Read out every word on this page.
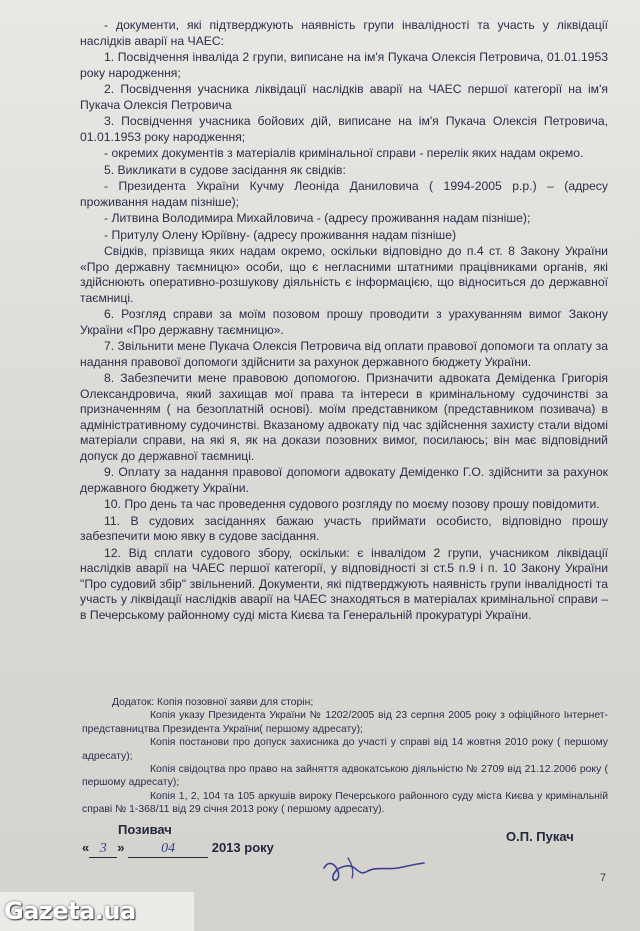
- документи, які підтверджують наявність групи інвалідності та участь у ліквідації наслідків аварії на ЧАЕС:

1. Посвідчення інваліда 2 групи, виписане на ім'я Пукача Олексія Петровича, 01.01.1953 року народження;

2. Посвідчення учасника ліквідації наслідків аварії на ЧАЕС першої категорії на ім'я Пукача Олексія Петровича

3. Посвідчення учасника бойових дій, виписане на ім'я Пукача Олексія Петровича, 01.01.1953 року народження;

- окремих документів з матеріалів кримінальної справи - перелік яких надам окремо.

5. Викликати в судове засідання як свідків:

- Президента України Кучму Леоніда Даниловича ( 1994-2005 р.р.) – (адресу проживання надам пізніше);

- Литвина Володимира Михайловича - (адресу проживання надам пізніше);

- Притулу Олену Юріївну- (адресу проживання надам пізніше)

Свідків, прізвища яких надам окремо, оскільки відповідно до п.4 ст. 8 Закону України «Про державну таємницю» особи, що є негласними штатними працівниками органів, які здійснюють оперативно-розшукову діяльність є інформацією, що відноситься до державної таємниці.

6. Розгляд справи за моїм позовом прошу проводити з урахуванням вимог Закону України «Про державну таємницю».

7. Звільнити мене Пукача Олексія Петровича від оплати правової допомоги та оплату за надання правової допомоги здійснити за рахунок державного бюджету України.

8. Забезпечити мене правовою допомогою. Призначити адвоката Деміденка Григорія Олександровича, який захищав мої права та інтереси в кримінальному судочинстві за призначенням ( на безоплатній основі). моїм представником (представником позивача) в адміністративному судочинстві. Вказаному адвокату під час здійснення захисту стали відомі матеріали справи, на які я, як на докази позовних вимог, посилаюсь; він має відповідний допуск до державної таємниці.

9. Оплату за надання правової допомоги адвокату Деміденко Г.О. здійснити за рахунок державного бюджету України.

10. Про день та час проведення судового розгляду по моєму позову прошу повідомити.

11. В судових засіданнях бажаю участь приймати особисто, відповідно прошу забезпечити мою явку в судове засідання.

12. Від сплати судового збору, оскільки: є інвалідом 2 групи, учасником ліквідації наслідків аварії на ЧАЕС першої категорії, у відповідності зі ст.5 п.9 і п. 10 Закону України "Про судовий збір" звільнений. Документи, які підтверджують наявність групи інвалідності та участь у ліквідації наслідків аварії на ЧАЕС знаходяться в матеріалах кримінальної справи – в Печерському районному суді міста Києва та Генеральній прокуратурі України.

Додаток: Копія позовної заяви для сторін;

Копія указу Президента України № 1202/2005 від 23 серпня 2005 року з офіційного Інтернет-представництва Президента України( першому адресату);

Копія постанови про допуск захисника до участі у справі від 14 жовтня 2010 року ( першому адресату);

Копія свідоцтва про право на зайняття адвокатською діяльністю № 2709 від 21.12.2006 року ( першому адресату);

Копія 1, 2, 104 та 105 аркушів вироку Печерського районного суду міста Києва у кримінальній справі № 1-368/11 від 29 січня 2013 року ( першому адресату).

Позивач
« 3 »	04	2013 року
О.П. Пукач
7
Gazeta.ua
